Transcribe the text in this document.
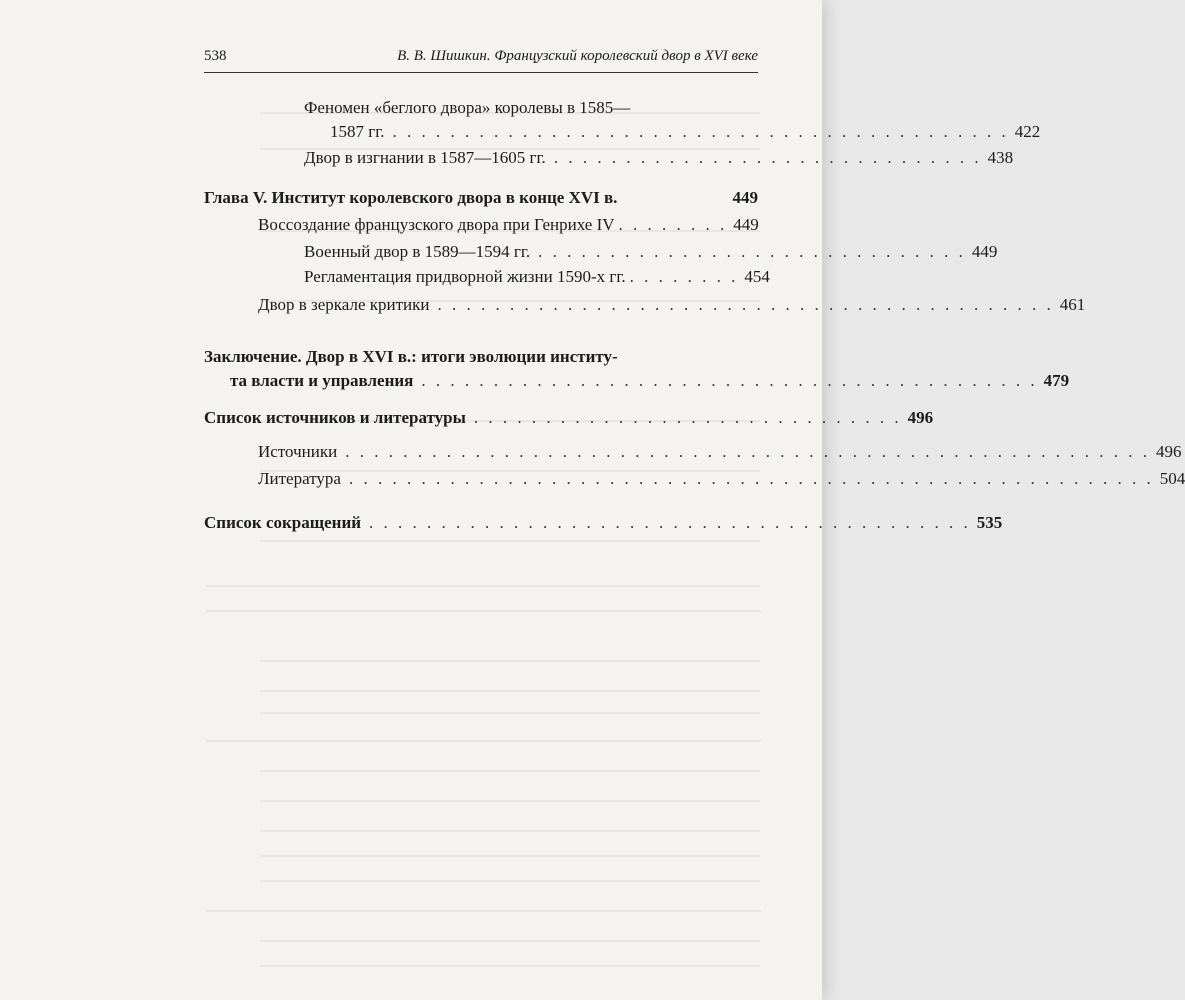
538	В. В. Шишкин. Французский королевский двор в XVI веке
Феномен «беглого двора» королевы в 1585—
1587 гг. . . . . . . . . . . . . . . . . . . . . . . . . . . . . . . . . . . . . . . . . . . . 422
Двор в изгнании в 1587—1605 гг. . . . . . . . . . . . . . . . . . . . . . . . . . . . . . . 438
Глава V. Институт королевского двора в конце XVI в.	449
Воссоздание французского двора при Генрихе IV . . . . . . . . 449
Военный двор в 1589—1594 гг. . . . . . . . . . . . . . . . . . . . . . . . . . . . . . . 449
Регламентация придворной жизни 1590-х гг. . . . . . . . . 454
Двор в зеркале критики . . . . . . . . . . . . . . . . . . . . . . . . . . . . . . . . . . . . . . . . . . . 461
Заключение. Двор в XVI в.: итоги эволюции институ-
та власти и управления . . . . . . . . . . . . . . . . . . . . . . . . . . . . . . . . . . . . . . . . . . . 479
Список источников и литературы . . . . . . . . . . . . . . . . . . . . . . . . . . . . . . 496
Источники . . . . . . . . . . . . . . . . . . . . . . . . . . . . . . . . . . . . . . . . . . . . . . . . . . . . . . . . 496
Литература . . . . . . . . . . . . . . . . . . . . . . . . . . . . . . . . . . . . . . . . . . . . . . . . . . . . . . . . 504
Список сокращений . . . . . . . . . . . . . . . . . . . . . . . . . . . . . . . . . . . . . . . . . . 535
